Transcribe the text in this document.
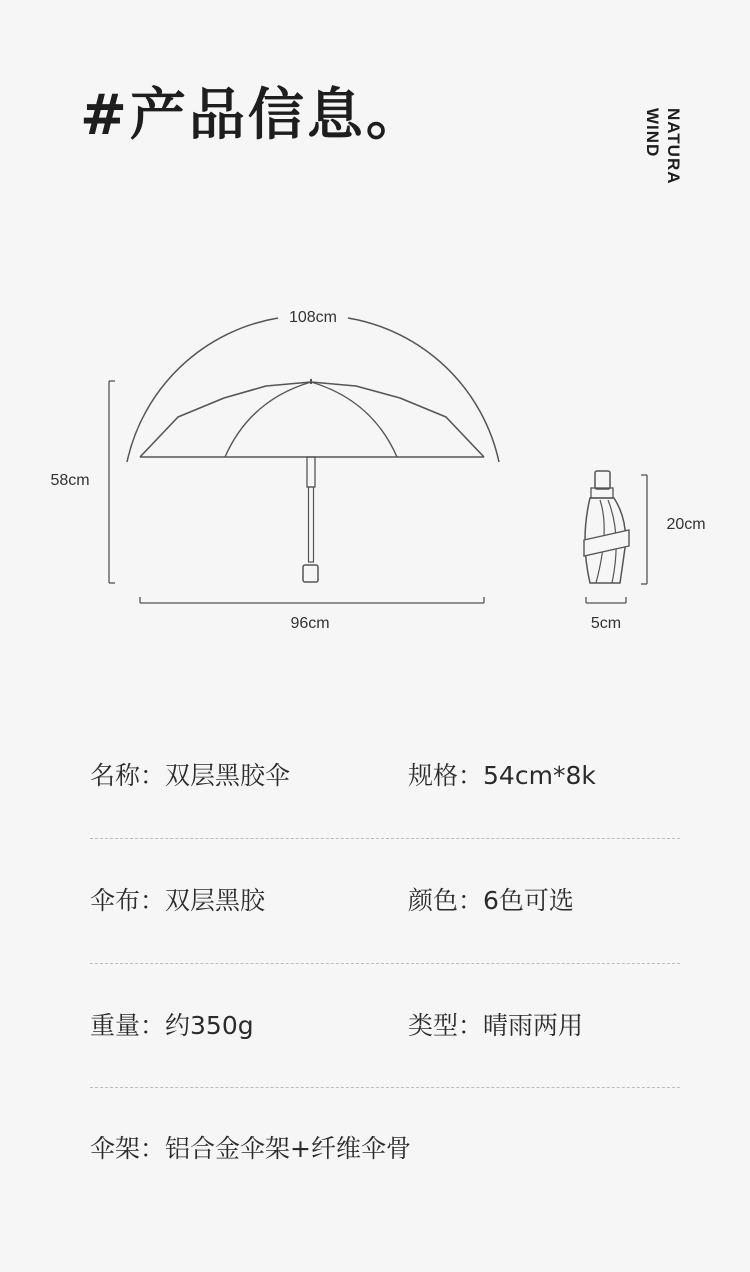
#产品信息。	NATURA
WIND
108cm
58cm
96cm
20cm
5cm
名称：双层黑胶伞	规格：54cm*8k
伞布：双层黑胶	颜色：6色可选
重量：约350g	类型：晴雨两用
伞架：铝合金伞架+纤维伞骨
